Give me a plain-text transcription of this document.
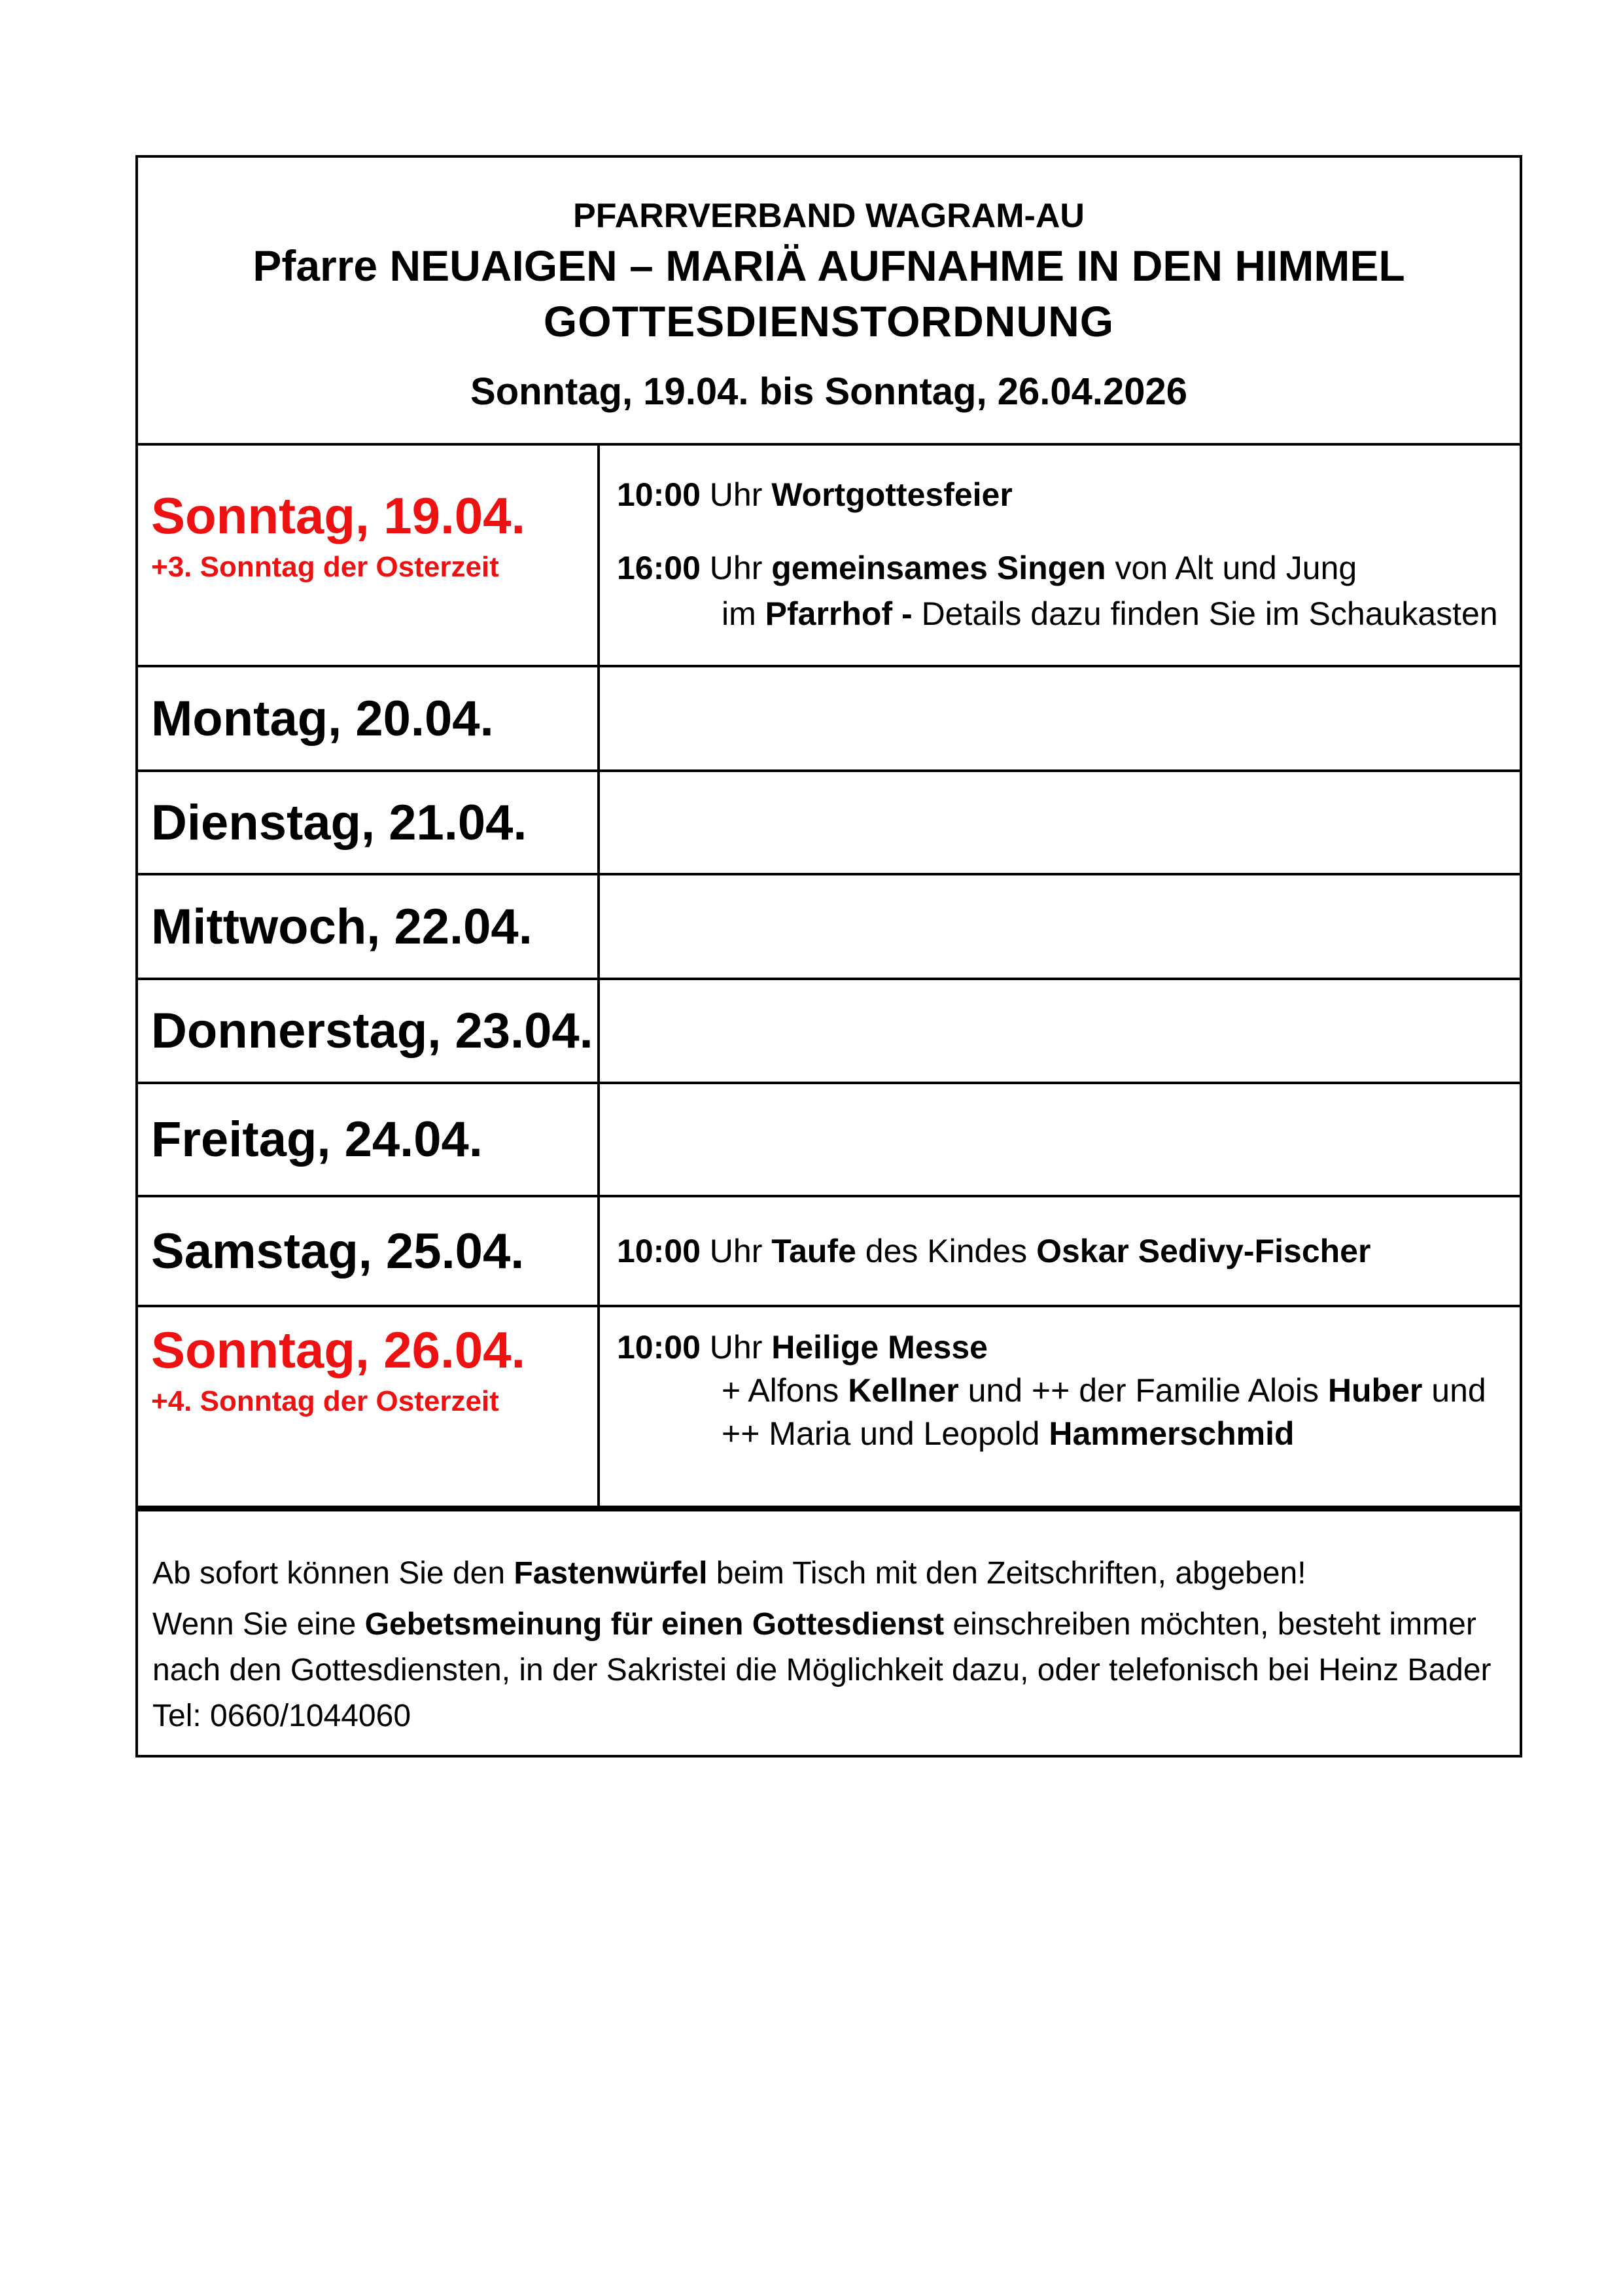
PFARRVERBAND WAGRAM-AU
Pfarre NEUAIGEN – MARIÄ AUFNAHME IN DEN HIMMEL
GOTTESDIENSTORDNUNG
Sonntag, 19.04. bis Sonntag, 26.04.2026
Sonntag, 19.04.
+3. Sonntag der Osterzeit
10:00 Uhr Wortgottesfeier
16:00 Uhr gemeinsames Singen von Alt und Jung
im Pfarrhof - Details dazu finden Sie im Schaukasten
Montag, 20.04.
Dienstag, 21.04.
Mittwoch, 22.04.
Donnerstag, 23.04.
Freitag, 24.04.
Samstag, 25.04.	10:00 Uhr Taufe des Kindes Oskar Sedivy-Fischer
Sonntag, 26.04.
+4. Sonntag der Osterzeit
10:00 Uhr Heilige Messe
+ Alfons Kellner und ++ der Familie Alois Huber und
++ Maria und Leopold Hammerschmid

Ab sofort können Sie den Fastenwürfel beim Tisch mit den Zeitschriften, abgeben!

Wenn Sie eine Gebetsmeinung für einen Gottesdienst einschreiben möchten, besteht immer nach den Gottesdiensten, in der Sakristei die Möglichkeit dazu, oder telefonisch bei Heinz Bader Tel: 0660/1044060
